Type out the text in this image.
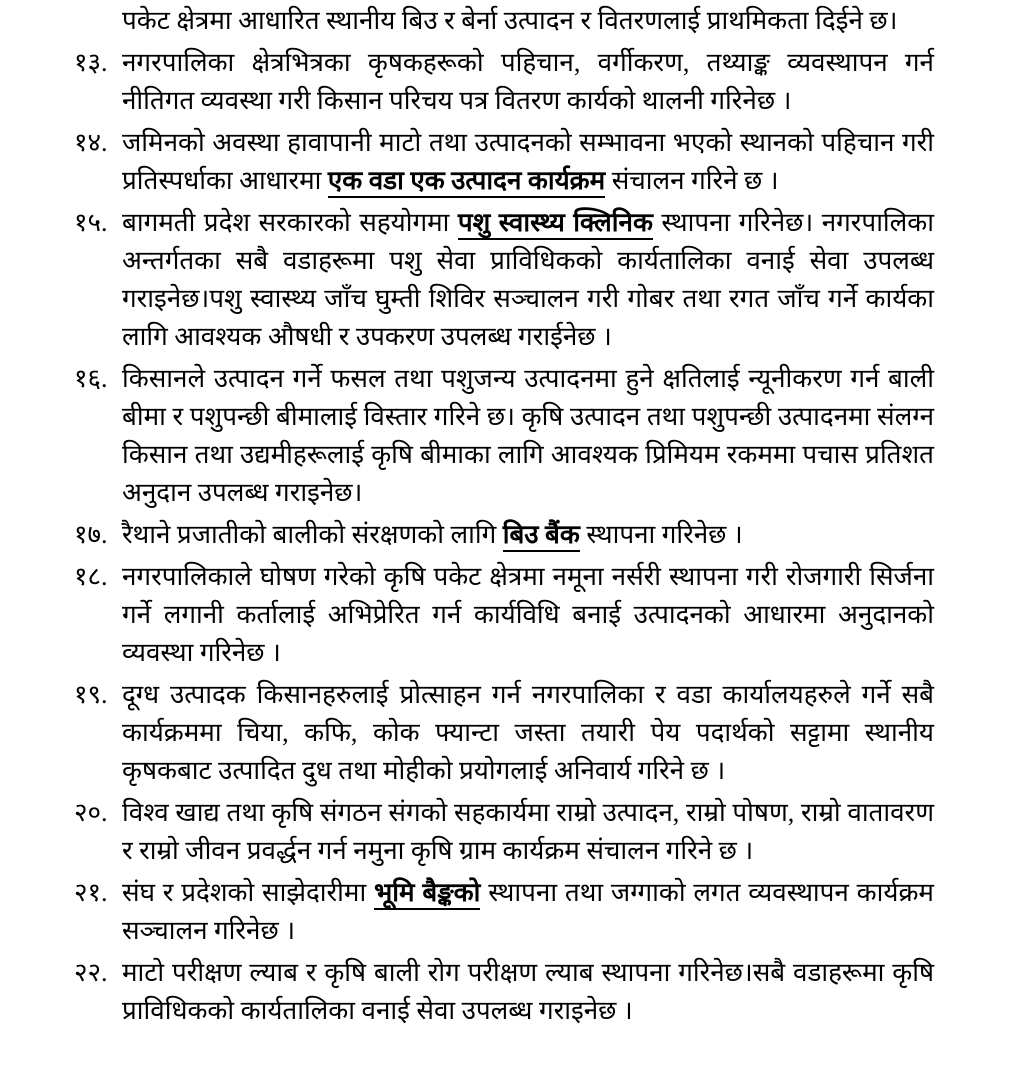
पकेट क्षेत्रमा आधारित स्थानीय बिउ र बेर्ना उत्पादन र वितरणलाई प्राथमिकता दिईने छ।
१३. नगरपालिका क्षेत्रभित्रका कृषकहरूको पहिचान, वर्गीकरण, तथ्याङ्क व्यवस्थापन गर्न नीतिगत व्यवस्था गरी किसान परिचय पत्र वितरण कार्यको थालनी गरिनेछ ।
१४. जमिनको अवस्था हावापानी माटो तथा उत्पादनको सम्भावना भएको स्थानको पहिचान गरी प्रतिस्पर्धाका आधारमा एक वडा एक उत्पादन कार्यक्रम संचालन गरिने छ ।
१५. बागमती प्रदेश सरकारको सहयोगमा पशु स्वास्थ्य क्लिनिक स्थापना गरिनेछ। नगरपालिका अन्तर्गतका सबै वडाहरूमा पशु सेवा प्राविधिकको कार्यतालिका वनाई सेवा उपलब्ध गराइनेछ।पशु स्वास्थ्य जाँच घुम्ती शिविर सञ्चालन गरी गोबर तथा रगत जाँच गर्ने कार्यका लागि आवश्यक औषधी र उपकरण उपलब्ध गराईनेछ ।
१६. किसानले उत्पादन गर्ने फसल तथा पशुजन्य उत्पादनमा हुने क्षतिलाई न्यूनीकरण गर्न बाली बीमा र पशुपन्छी बीमालाई विस्तार गरिने छ। कृषि उत्पादन तथा पशुपन्छी उत्पादनमा संलग्न किसान तथा उद्यमीहरूलाई कृषि बीमाका लागि आवश्यक प्रिमियम रकममा पचास प्रतिशत अनुदान उपलब्ध गराइनेछ।
१७. रैथाने प्रजातीको बालीको संरक्षणको लागि बिउ बैंक स्थापना गरिनेछ ।
१८. नगरपालिकाले घोषण गरेको कृषि पकेट क्षेत्रमा नमूना नर्सरी स्थापना गरी रोजगारी सिर्जना गर्ने लगानी कर्तालाई अभिप्रेरित गर्न कार्यविधि बनाई उत्पादनको आधारमा अनुदानको व्यवस्था गरिनेछ ।
१९. दूग्ध उत्पादक किसानहरुलाई प्रोत्साहन गर्न नगरपालिका र वडा कार्यालयहरुले गर्ने सबै कार्यक्रममा चिया, कफि, कोक फ्यान्टा जस्ता तयारी पेय पदार्थको सट्टामा स्थानीय कृषकबाट उत्पादित दुध तथा मोहीको प्रयोगलाई अनिवार्य गरिने छ ।
२०. विश्व खाद्य तथा कृषि संगठन संगको सहकार्यमा राम्रो उत्पादन, राम्रो पोषण, राम्रो वातावरण र राम्रो जीवन प्रवर्द्धन गर्न नमुना कृषि ग्राम कार्यक्रम संचालन गरिने छ ।
२१. संघ र प्रदेशको साझेदारीमा भूमि बैङ्कको स्थापना तथा जग्गाको लगत व्यवस्थापन कार्यक्रम सञ्चालन गरिनेछ ।
२२. माटो परीक्षण ल्याब र कृषि बाली रोग परीक्षण ल्याब स्थापना गरिनेछ।सबै वडाहरूमा कृषि प्राविधिकको कार्यतालिका वनाई सेवा उपलब्ध गराइनेछ ।
